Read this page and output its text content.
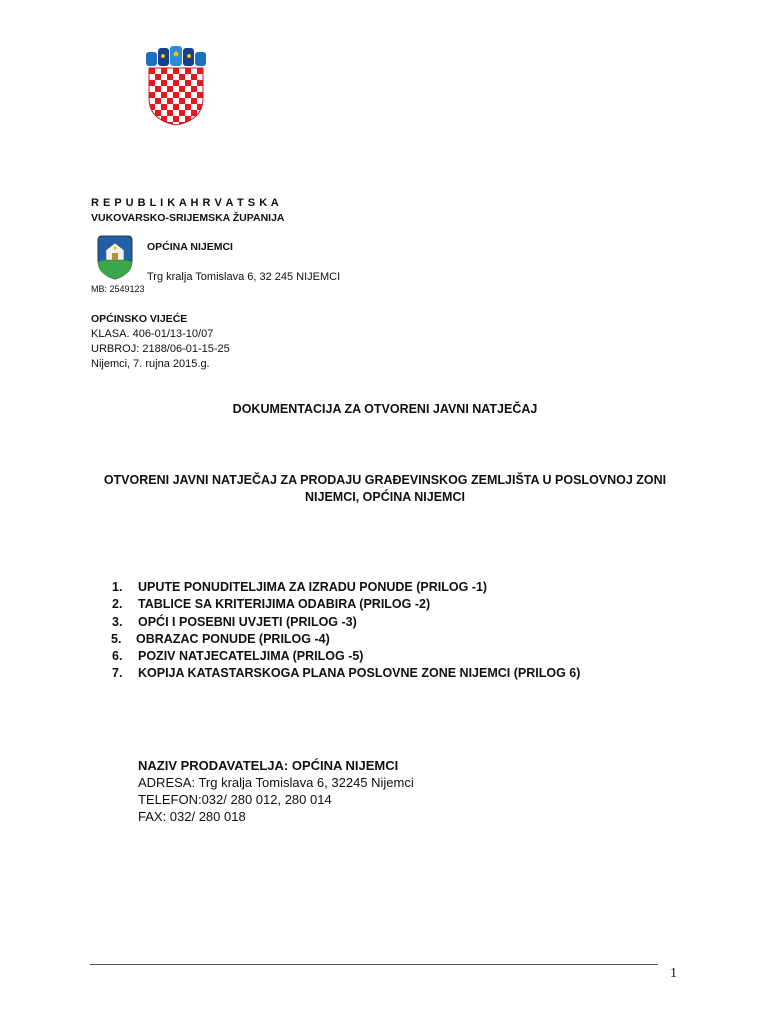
R E P U B L I K A H R V A T S K A
VUKOVARSKO-SRIJEMSKA ŽUPANIJA
OPĆINA NIJEMCI
Trg kralja Tomislava 6, 32 245 NIJEMCI
MB: 2549123
OPĆINSKO VIJEĆE
KLASA. 406-01/13-10/07
URBROJ: 2188/06-01-15-25
Nijemci, 7. rujna 2015.g.
DOKUMENTACIJA ZA OTVORENI JAVNI NATJEČAJ
OTVORENI JAVNI NATJEČAJ ZA PRODAJU GRAĐEVINSKOG ZEMLJIŠTA U POSLOVNOJ ZONI
NIJEMCI, OPĆINA NIJEMCI
1.	UPUTE PONUDITELJIMA ZA IZRADU PONUDE (PRILOG -1)
2.	TABLICE SA KRITERIJIMA ODABIRA (PRILOG -2)
3.	OPĆI I POSEBNI UVJETI (PRILOG -3)
5.	OBRAZAC PONUDE (PRILOG -4)
6.	POZIV NATJECATELJIMA (PRILOG -5)
7.	KOPIJA KATASTARSKOGA PLANA POSLOVNE ZONE NIJEMCI (PRILOG 6)
NAZIV PRODAVATELJA: OPĆINA NIJEMCI
ADRESA: Trg kralja Tomislava 6, 32245 Nijemci
TELEFON:032/ 280 012, 280 014
FAX: 032/ 280 018
1
